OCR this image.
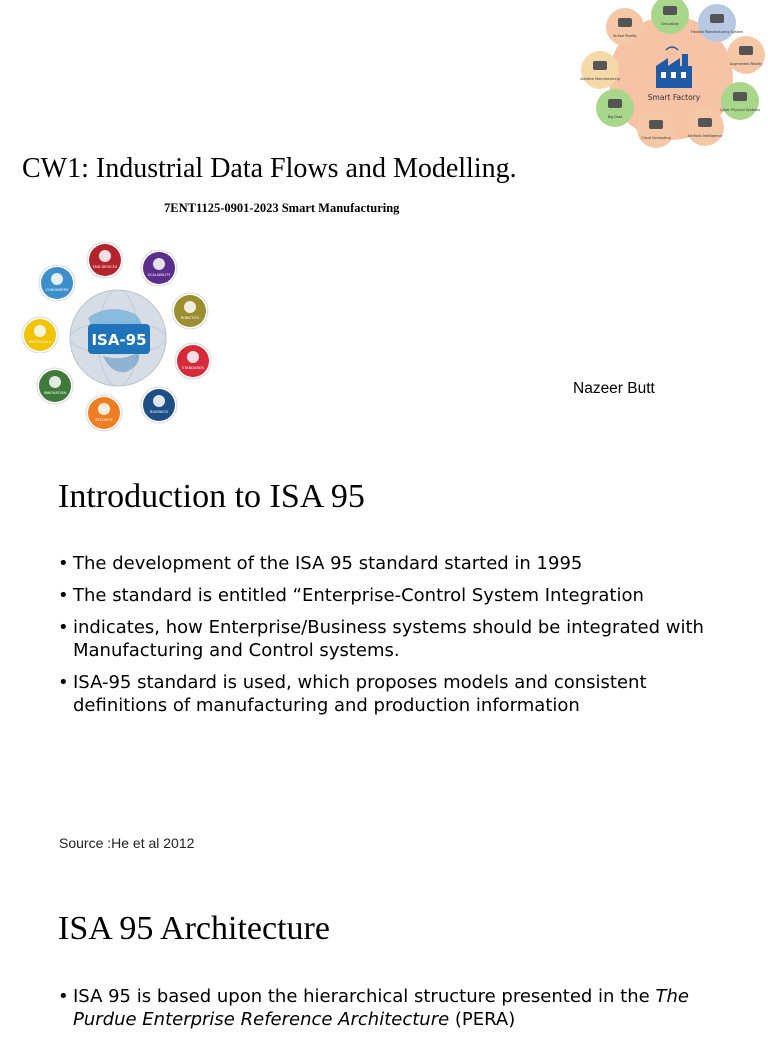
Virtual Reality
Simulation
Flexible Manufacturing System
Augmented Reality
Cyber Physical Systems
Artificial Intelligence
Cloud Computing
Big Data
Additive Manufacturing
Smart Factory
CW1: Industrial Data Flows and Modelling.
7ENT1125-0901-2023 Smart Manufacturing
ISA-95
END DEVICES
SCALABILITY
ROBOTICS
STANDARDS
BUSINESS
SECURITY
INNOVATION
PROTOCOLS
CONSUMERS
Nazeer Butt
Introduction to ISA 95
• The development of the ISA 95 standard started in 1995
• The standard is entitled “Enterprise-Control System Integration
• indicates, how Enterprise/Business systems should be integrated with Manufacturing and Control systems.
• ISA-95 standard is used, which proposes models and consistent definitions of manufacturing and production information
Source :He et al 2012
ISA 95 Architecture
• ISA 95 is based upon the hierarchical structure presented in the The Purdue Enterprise Reference Architecture (PERA)
